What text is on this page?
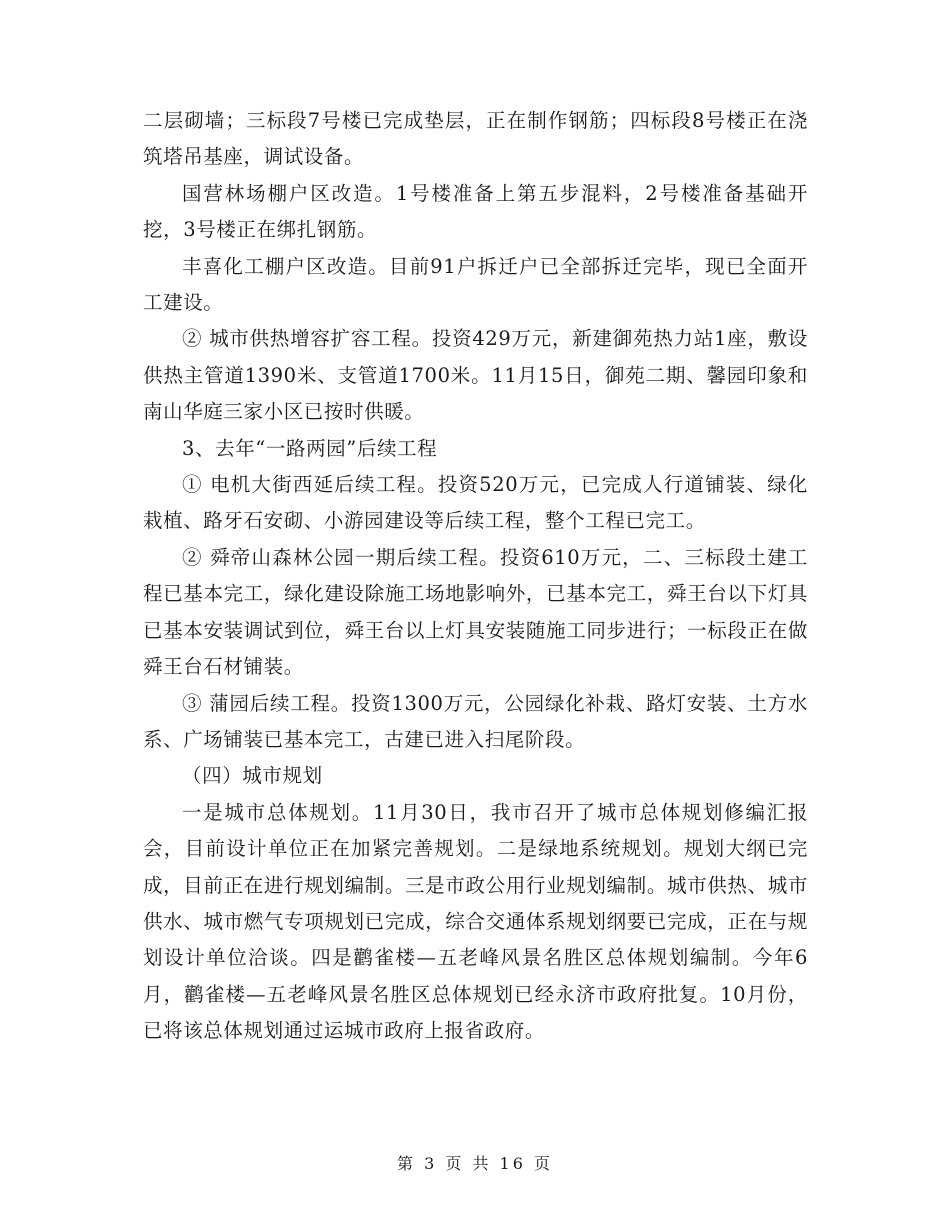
二层砌墙；三标段7号楼已完成垫层，正在制作钢筋；四标段8号楼正在浇筑塔吊基座，调试设备。

国营林场棚户区改造。1号楼准备上第五步混料，2号楼准备基础开挖，3号楼正在绑扎钢筋。

丰喜化工棚户区改造。目前91户拆迁户已全部拆迁完毕，现已全面开工建设。

② 城市供热增容扩容工程。投资429万元，新建御苑热力站1座，敷设供热主管道1390米、支管道1700米。11月15日，御苑二期、馨园印象和南山华庭三家小区已按时供暖。

3、去年“一路两园”后续工程

① 电机大街西延后续工程。投资520万元，已完成人行道铺装、绿化栽植、路牙石安砌、小游园建设等后续工程，整个工程已完工。

② 舜帝山森林公园一期后续工程。投资610万元，二、三标段土建工程已基本完工，绿化建设除施工场地影响外，已基本完工，舜王台以下灯具已基本安装调试到位，舜王台以上灯具安装随施工同步进行；一标段正在做舜王台石材铺装。

③ 蒲园后续工程。投资1300万元，公园绿化补栽、路灯安装、土方水系、广场铺装已基本完工，古建已进入扫尾阶段。

（四）城市规划

一是城市总体规划。11月30日，我市召开了城市总体规划修编汇报会，目前设计单位正在加紧完善规划。二是绿地系统规划。规划大纲已完成，目前正在进行规划编制。三是市政公用行业规划编制。城市供热、城市供水、城市燃气专项规划已完成，综合交通体系规划纲要已完成，正在与规划设计单位洽谈。四是鹳雀楼—五老峰风景名胜区总体规划编制。今年6月，鹳雀楼—五老峰风景名胜区总体规划已经永济市政府批复。10月份，已将该总体规划通过运城市政府上报省政府。

第 3 页 共 16 页
